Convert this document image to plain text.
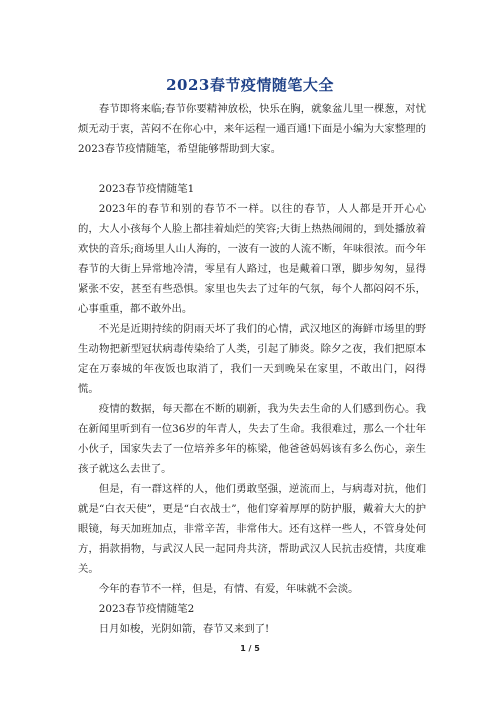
2023春节疫情随笔大全

春节即将来临;春节你要精神放松，快乐在胸，就象盆儿里一棵葱，对忧烦无动于衷，苦闷不在你心中，来年运程一通百通!下面是小编为大家整理的2023春节疫情随笔，希望能够帮助到大家。

2023春节疫情随笔1

2023年的春节和别的春节不一样。以往的春节，人人都是开开心心的，大人小孩每个人脸上都挂着灿烂的笑容;大街上热热闹闹的，到处播放着欢快的音乐;商场里人山人海的，一波有一波的人流不断，年味很浓。而今年春节的大街上异常地冷清，零星有人路过，也是戴着口罩，脚步匆匆，显得紧张不安，甚至有些恐惧。家里也失去了过年的气氛，每个人都闷闷不乐，心事重重，都不敢外出。

不光是近期持续的阴雨天坏了我们的心情，武汉地区的海鲜市场里的野生动物把新型冠状病毒传染给了人类，引起了肺炎。除夕之夜，我们把原本定在万泰城的年夜饭也取消了，我们一天到晚呆在家里，不敢出门，闷得慌。

疫情的数据，每天都在不断的刷新，我为失去生命的人们感到伤心。我在新闻里听到有一位36岁的年青人，失去了生命。我很难过，那么一个壮年小伙子，国家失去了一位培养多年的栋梁，他爸爸妈妈该有多么伤心，亲生孩子就这么去世了。

但是，有一群这样的人，他们勇敢坚强，逆流而上，与病毒对抗，他们就是“白衣天使”，更是“白衣战士”，他们穿着厚厚的防护服，戴着大大的护眼镜，每天加班加点，非常辛苦，非常伟大。还有这样一些人，不管身处何方，捐款捐物，与武汉人民一起同舟共济，帮助武汉人民抗击疫情，共度难关。

今年的春节不一样，但是，有情、有爱，年味就不会淡。

2023春节疫情随笔2

日月如梭，光阴如箭，春节又来到了!

1 / 5
